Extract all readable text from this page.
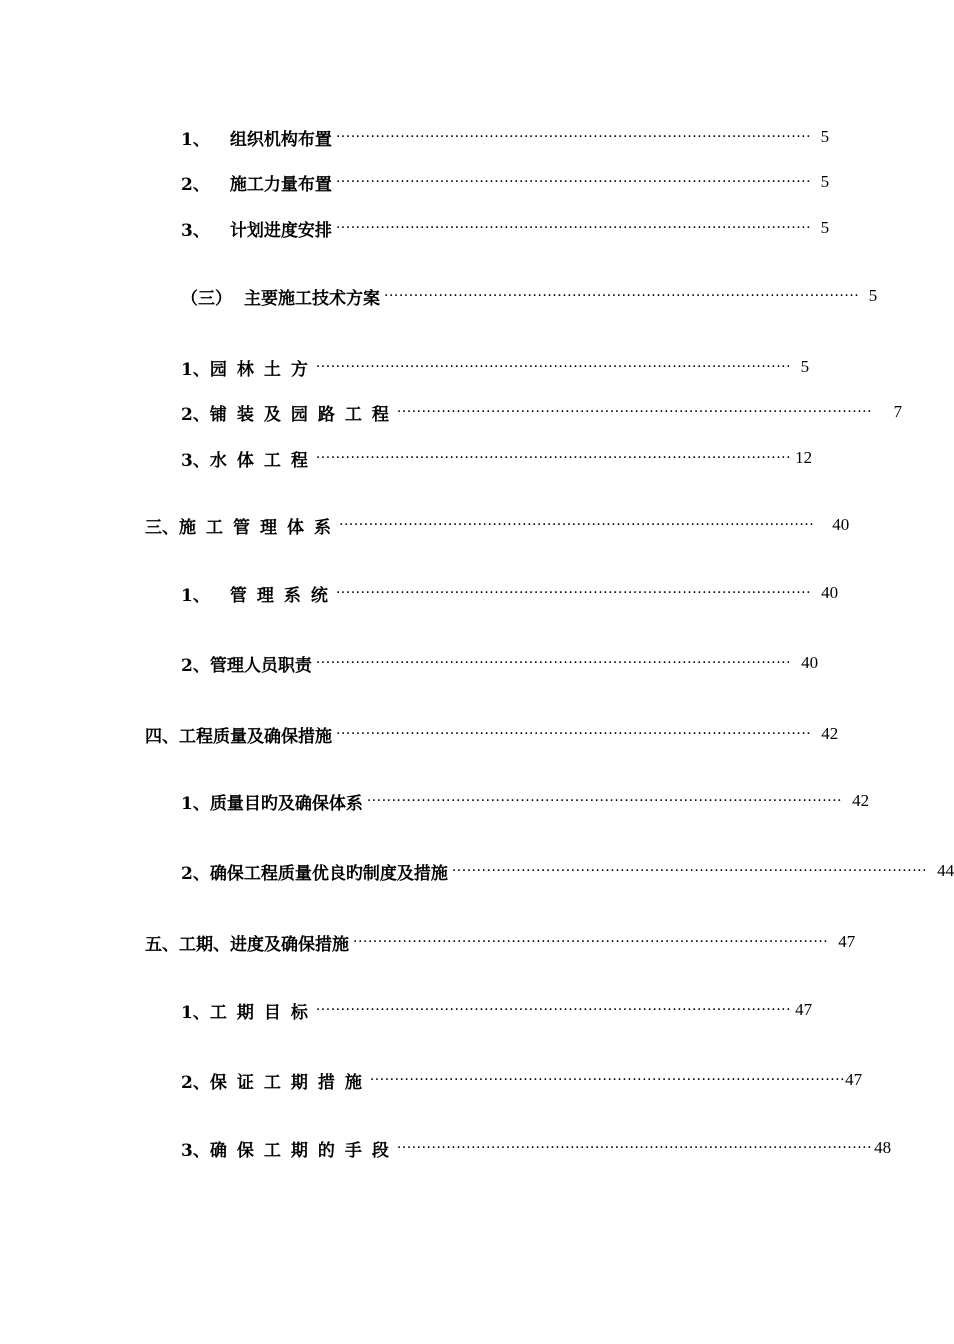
1、 组织机构布置 ································································································ 5
2、 施工力量布置 ································································································ 5
3、 计划进度安排 ································································································ 5
（三） 主要施工技术方案 ································································································ 5
1、 园林土方
································································································ 5
2、 铺装及园路工程
································································································	7
3、 水体工程
································································································ 12
三、 施工管理体系
································································································ 40
1、 管理系统
································································································ 40
2、 管理人员职责 ································································································ 40
四、 工程质量及确保措施 ································································································ 42
1、 质量目旳及确保体系 ································································································ 42
2、 确保工程质量优良旳制度及措施 ································································································ 44
五、 工期、进度及确保措施 ································································································ 47
1、 工期目标
································································································ 47
2、 保证工期措施
································································································ 47
3、 确保工期的手段
································································································ 48
